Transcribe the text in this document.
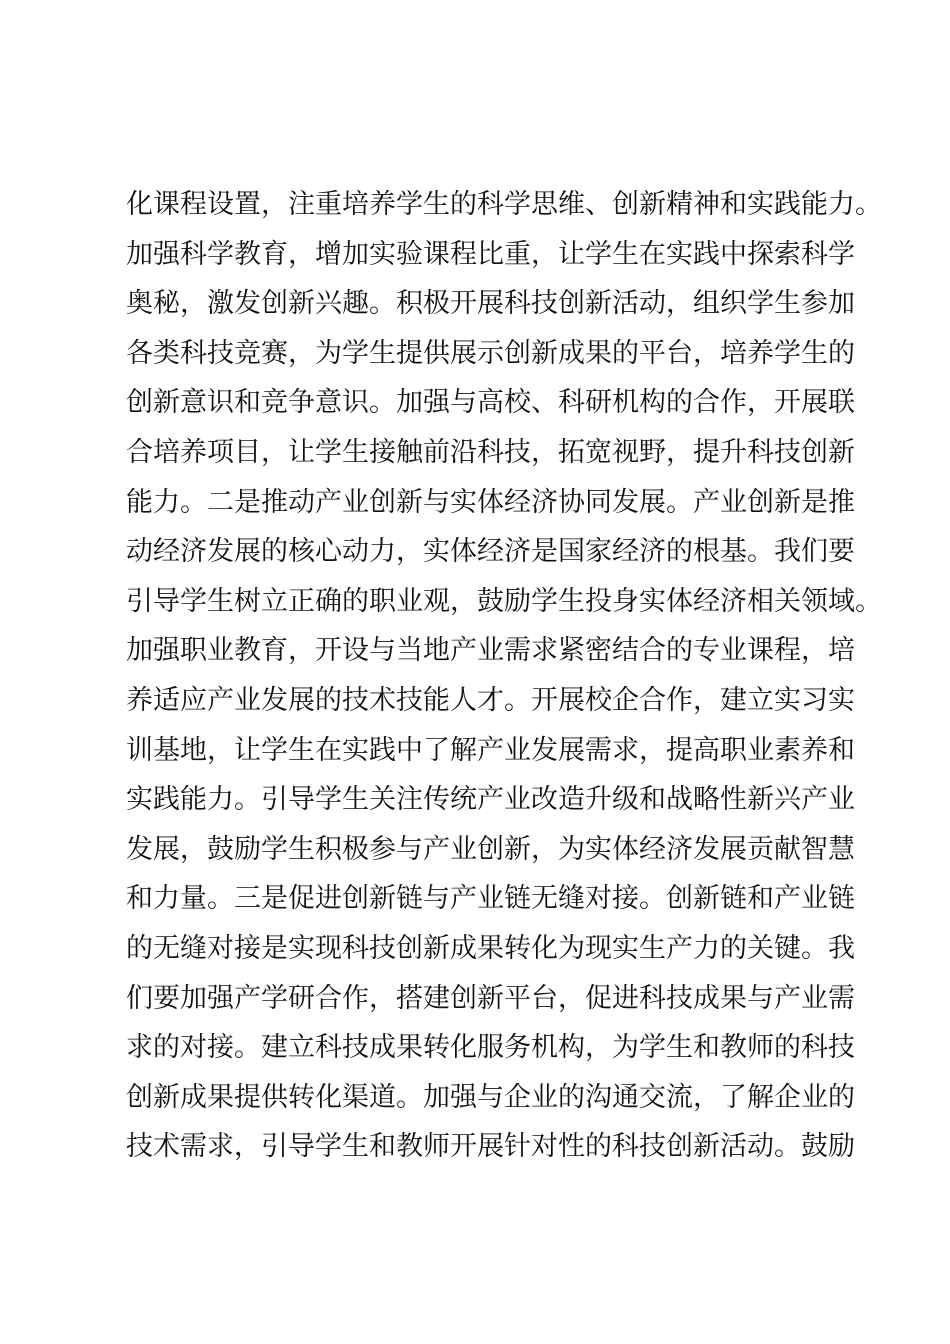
化课程设置，注重培养学生的科学思维、创新精神和实践能力。
加强科学教育，增加实验课程比重，让学生在实践中探索科学
奥秘，激发创新兴趣。积极开展科技创新活动，组织学生参加
各类科技竞赛，为学生提供展示创新成果的平台，培养学生的
创新意识和竞争意识。加强与高校、科研机构的合作，开展联
合培养项目，让学生接触前沿科技，拓宽视野，提升科技创新
能力。二是推动产业创新与实体经济协同发展。产业创新是推
动经济发展的核心动力，实体经济是国家经济的根基。我们要
引导学生树立正确的职业观，鼓励学生投身实体经济相关领域。
加强职业教育，开设与当地产业需求紧密结合的专业课程，培
养适应产业发展的技术技能人才。开展校企合作，建立实习实
训基地，让学生在实践中了解产业发展需求，提高职业素养和
实践能力。引导学生关注传统产业改造升级和战略性新兴产业
发展，鼓励学生积极参与产业创新，为实体经济发展贡献智慧
和力量。三是促进创新链与产业链无缝对接。创新链和产业链
的无缝对接是实现科技创新成果转化为现实生产力的关键。我
们要加强产学研合作，搭建创新平台，促进科技成果与产业需
求的对接。建立科技成果转化服务机构，为学生和教师的科技
创新成果提供转化渠道。加强与企业的沟通交流，了解企业的
技术需求，引导学生和教师开展针对性的科技创新活动。鼓励
